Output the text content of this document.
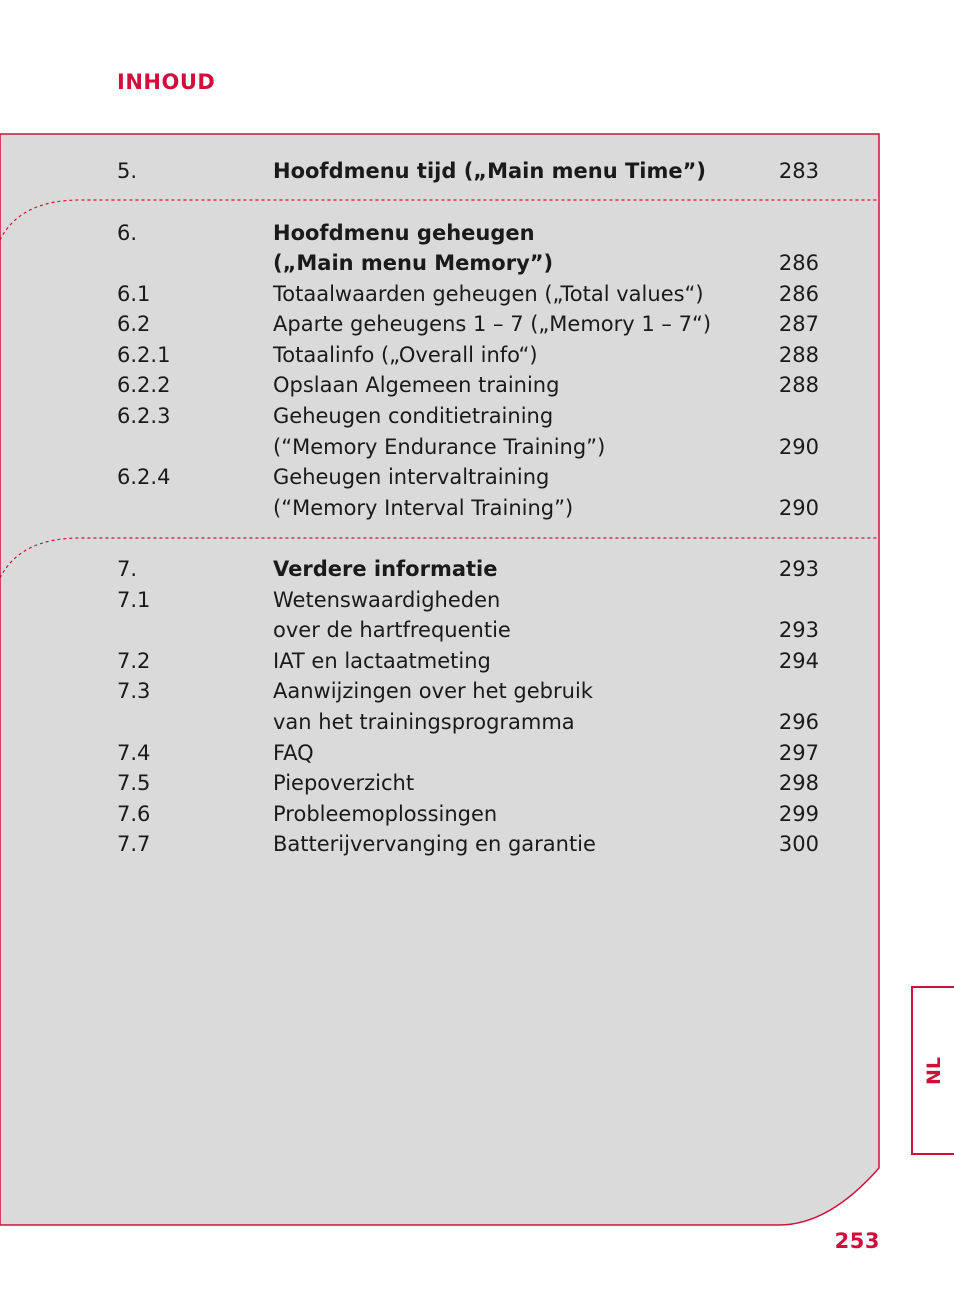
INHOUD
5.	Hoofdmenu tijd („Main menu Time”)	283
6.	Hoofdmenu geheugen
(„Main menu Memory”)	286
6.1	Totaalwaarden geheugen („Total values“)	286
6.2	Aparte geheugens 1 – 7 („Memory 1 – 7“)	287
6.2.1	Totaalinfo („Overall info“)	288
6.2.2	Opslaan Algemeen training	288
6.2.3	Geheugen conditietraining
(“Memory Endurance Training”)	290
6.2.4	Geheugen intervaltraining
(“Memory Interval Training”)	290
7.	Verdere informatie	293
7.1	Wetenswaardigheden
over de hartfrequentie	293
7.2	IAT en lactaatmeting	294
7.3	Aanwijzingen over het gebruik
van het trainingsprogramma	296
7.4	FAQ	297
7.5	Piepoverzicht	298
7.6	Probleemoplossingen	299
7.7	Batterijvervanging en garantie	300
NL
253
